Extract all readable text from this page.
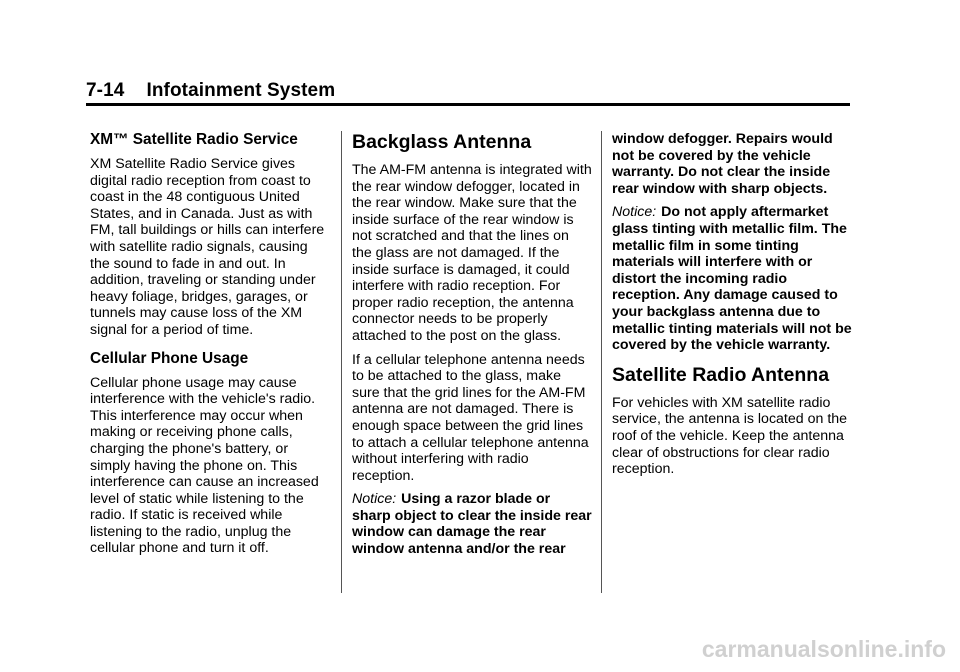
7-14 Infotainment System
XM™ Satellite Radio Service

XM Satellite Radio Service gives digital radio reception from coast to coast in the 48 contiguous United States, and in Canada. Just as with FM, tall buildings or hills can interfere with satellite radio signals, causing the sound to fade in and out. In addition, traveling or standing under heavy foliage, bridges, garages, or tunnels may cause loss of the XM signal for a period of time.

Cellular Phone Usage

Cellular phone usage may cause interference with the vehicle's radio. This interference may occur when making or receiving phone calls, charging the phone's battery, or simply having the phone on. This interference can cause an increased level of static while listening to the radio. If static is received while listening to the radio, unplug the cellular phone and turn it off.

Backglass Antenna

The AM-FM antenna is integrated with the rear window defogger, located in the rear window. Make sure that the inside surface of the rear window is not scratched and that the lines on the glass are not damaged. If the inside surface is damaged, it could interfere with radio reception. For proper radio reception, the antenna connector needs to be properly attached to the post on the glass.

If a cellular telephone antenna needs to be attached to the glass, make sure that the grid lines for the AM-FM antenna are not damaged. There is enough space between the grid lines to attach a cellular telephone antenna without interfering with radio reception.

Notice: Using a razor blade or sharp object to clear the inside rear window can damage the rear window antenna and/or the rear

window defogger. Repairs would not be covered by the vehicle warranty. Do not clear the inside rear window with sharp objects.

Notice: Do not apply aftermarket glass tinting with metallic film. The metallic film in some tinting materials will interfere with or distort the incoming radio reception. Any damage caused to your backglass antenna due to metallic tinting materials will not be covered by the vehicle warranty.

Satellite Radio Antenna

For vehicles with XM satellite radio service, the antenna is located on the roof of the vehicle. Keep the antenna clear of obstructions for clear radio reception.

carmanualsonline.info
